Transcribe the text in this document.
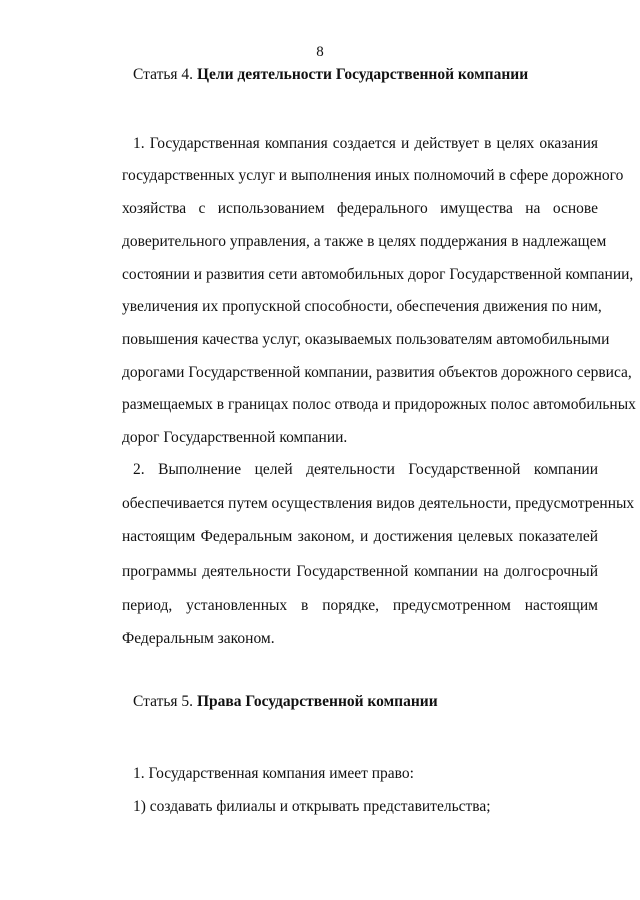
8
Статья 4. Цели деятельности Государственной компании
1. Государственная компания создается и действует в целях оказания
государственных услуг и выполнения иных полномочий в сфере дорожного
хозяйства с использованием федерального имущества на основе
доверительного управления, а также в целях поддержания в надлежащем
состоянии и развития сети автомобильных дорог Государственной компании,
увеличения их пропускной способности, обеспечения движения по ним,
повышения качества услуг, оказываемых пользователям автомобильными
дорогами Государственной компании, развития объектов дорожного сервиса,
размещаемых в границах полос отвода и придорожных полос автомобильных
дорог Государственной компании.
2. Выполнение целей деятельности Государственной компании
обеспечивается путем осуществления видов деятельности, предусмотренных
настоящим Федеральным законом, и достижения целевых показателей
программы деятельности Государственной компании на долгосрочный
период, установленных в порядке, предусмотренном настоящим
Федеральным законом.
Статья 5. Права Государственной компании
1. Государственная компания имеет право:
1) создавать филиалы и открывать представительства;
